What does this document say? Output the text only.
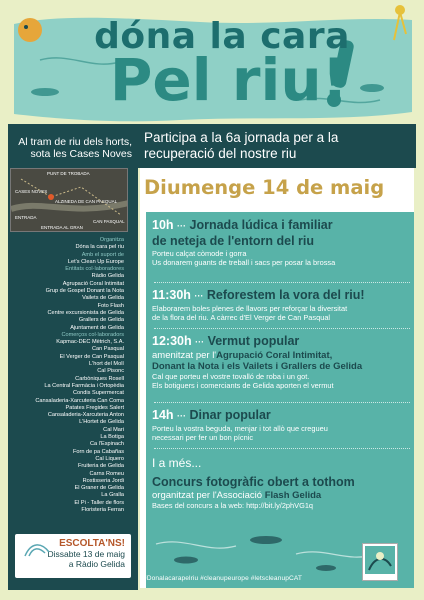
dóna la cara
Pel riu!
Al tram de riu dels horts, sota les Cases Noves
PUNT DE TROBADA
CASES NOVES
ALZINEDA DE CAN PASQUAL
ENTRADA
ENTRADA AL GRAN
CAN PASQUAL
Organitza
Dóna la cara pel riu
Amb el suport de
Let's Clean Up Europe
Entitats col·laboradores
Ràdio Gelida
Agrupació Coral Intimitat
Grup de Gospel Donant la Nota
Vailets de Gelida
Foto Flash
Centre excursionista de Gelida
Grallers de Gelida
Ajuntament de Gelida
Comerços col·laboradors
Kapmac-DEC Mètrich, S.A.
Can Pasqual
El Verger de Can Pasqual
L'hort del Molí
Cal Pisonc
Carbòniques Rosell
La Central Farmàcia i Ortopèdia
Condis Supermercat
Cansaladeria-Xarcuteria Can Coma
Patates Fregides Salert
Cansaladeria-Xarcuteria Anton
L'Hortet de Gelida
Cal Mari
La Botiga
Ca l'Espinach
Forn de pa Cabañas
Cal Liquero
Fruiteria de Gelida
Carns Romeu
Rostisseria Jordi
El Graner de Gelida
La Gralla
El Pi - Taller de flors
Floristeria Ferran
ESCOLTA'NS!
Dissabte 13 de maig
a Ràdio Gelida
Participa a la 6a jornada per a la recuperació del nostre riu
Diumenge 14 de maig
10h ··· Jornada lúdica i familiar
de neteja de l'entorn del riu
Porteu calçat còmode i gorra
Us donarem guants de treball i sacs per posar la brossa
11:30h ··· Reforestem la vora del riu!
Elaborarem boles plenes de llavors per reforçar la diversitat
de la flora del riu. A càrrec d'El Verger de Can Pasqual
12:30h ··· Vermut popular
amenitzat per l'Agrupació Coral Intimitat,
Donant la Nota i els Vailets i Grallers de Gelida
Cal que porteu el vostre tovalló de roba i un got.
Els botiguers i comerciants de Gelida aporten el vermut
14h ··· Dinar popular
Porteu la vostra beguda, menjar i tot allò que cregueu
necessari per fer un bon pícnic
I a més...
Concurs fotogràfic obert a tothom
organitzat per l'Associació Flash Gelida
Bases del concurs a la web: http://bit.ly/2phVG1q
#Donalacarapelriu #cleanupeurope #letscleanupCAT
